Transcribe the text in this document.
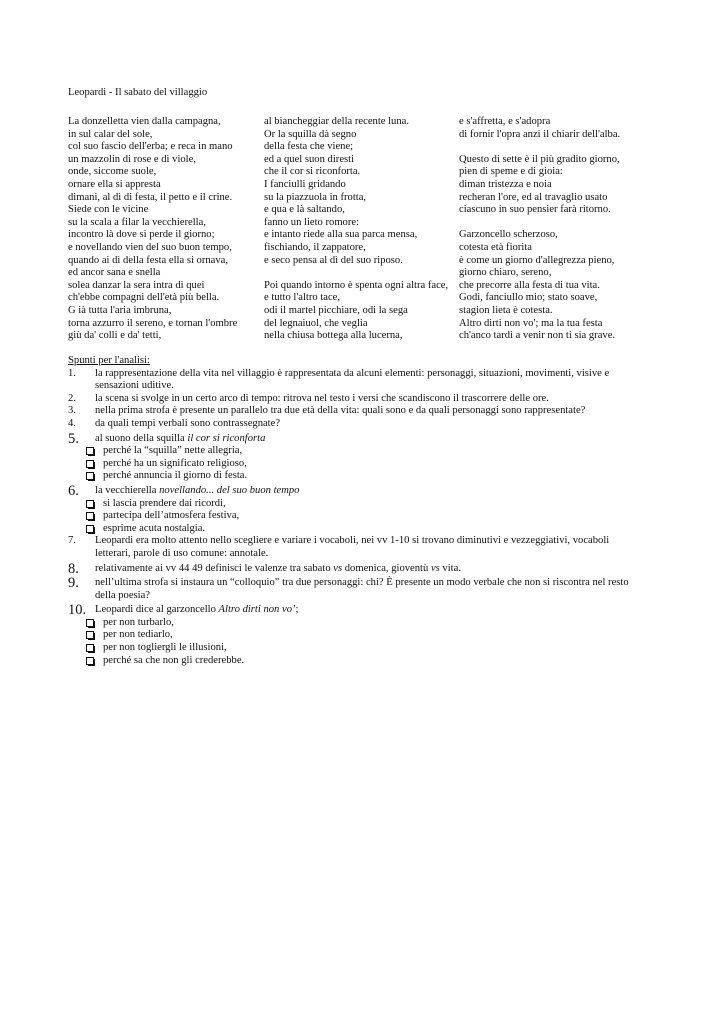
Leopardi - Il sabato del villaggio
La donzelletta vien dalla campagna,
in sul calar del sole,
col suo fascio dell'erba; e reca in mano
un mazzolin di rose e di viole,
onde, siccome suole,
ornare ella si appresta
dimani, al dì di festa, il petto e il crine.
Siede con le vicine
su la scala a filar la vecchierella,
incontro là dove si perde il giorno;
e novellando vien del suo buon tempo,
quando ai dì della festa ella si ornava,
ed ancor sana e snella
solea danzar la sera intra di quei
ch'ebbe compagni dell'età più bella.
G ià tutta l'aria imbruna,
torna azzurro il sereno, e tornan l'ombre
giù da' colli e da' tetti,
al biancheggiar della recente luna.
Or la squilla dà segno
della festa che viene;
ed a quel suon diresti
che il cor si riconforta.
I fanciulli gridando
su la piazzuola in frotta,
e qua e là saltando,
fanno un lieto romore:
e intanto riede alla sua parca mensa,
fischiando, il zappatore,
e seco pensa al dì del suo riposo.
Poi quando intorno è spenta ogni altra face,
e tutto l'altro tace,
odi il martel picchiare, odi la sega
del legnaiuol, che veglia
nella chiusa bottega alla lucerna,
e s'affretta, e s'adopra
di fornir l'opra anzi il chiarir dell'alba.
Questo di sette è il più gradito giorno,
pien di speme e di gioia:
diman tristezza e noia
recheran l'ore, ed al travaglio usato
ciascuno in suo pensier farà ritorno.
Garzoncello scherzoso,
cotesta età fiorita
è come un giorno d'allegrezza pieno,
giorno chiaro, sereno,
che precorre alla festa di tua vita.
Godi, fanciullo mio; stato soave,
stagion lieta è cotesta.
Altro dirti non vo'; ma la tua festa
ch'anco tardi a venir non ti sia grave.
Spunti per l'analisi:
1. la rappresentazione della vita nel villaggio è rappresentata da alcuni elementi: personaggi, situazioni, movimenti, visive e sensazioni uditive.
2. la scena si svolge in un certo arco di tempo: ritrova nel testo i versi che scandiscono il trascorrere delle ore.
3. nella prima strofa è presente un parallelo tra due età della vita: quali sono e da quali personaggi sono rappresentate?
4. da quali tempi verbali sono contrassegnate?
5. al suono della squilla il cor si riconforta
perché la “squilla” nette allegria,
perché ha un significato religioso,
perché annuncia il giorno di festa.
6. la vecchierella novellando... del suo buon tempo
si lascia prendere dai ricordi,
partecipa dell’atmosfera festiva,
esprime acuta nostalgia.
7. Leopardi era molto attento nello scegliere e variare i vocaboli, nei vv 1-10 si trovano diminutivi e vezzeggiativi, vocaboli letterari, parole di uso comune: annotale.
8. relativamente ai vv 44 49 definisci le valenze tra sabato vs domenica, gioventù vs vita.
9. nell’ultima strofa si instaura un “colloquio” tra due personaggi: chi? È presente un modo verbale che non si riscontra nel resto della poesia?
10. Leopardi dice al garzoncello Altro dirti non vo’;
per non turbarlo,
per non tediarlo,
per non togliergli le illusioni,
perché sa che non gli crederebbe.
